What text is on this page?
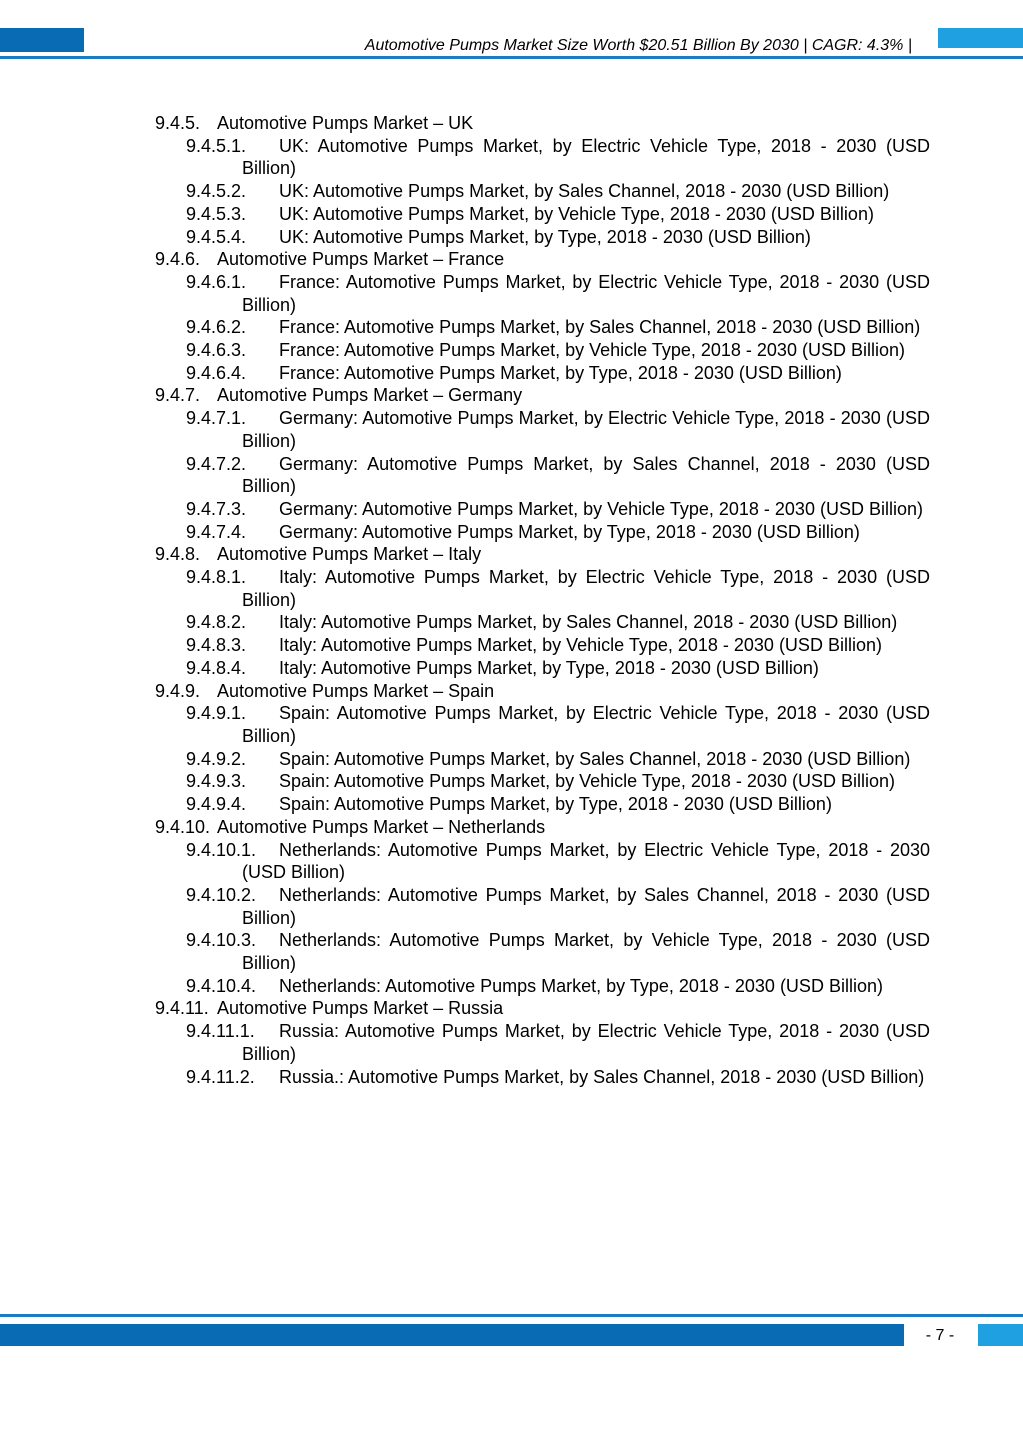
Automotive Pumps Market Size Worth $20.51 Billion By 2030 | CAGR: 4.3% |
9.4.5. Automotive Pumps Market – UK
9.4.5.1.	UK: Automotive Pumps Market, by Electric Vehicle Type, 2018 - 2030 (USD Billion)
9.4.5.2.	UK: Automotive Pumps Market, by Sales Channel, 2018 - 2030 (USD Billion)
9.4.5.3.	UK: Automotive Pumps Market, by Vehicle Type, 2018 - 2030 (USD Billion)
9.4.5.4.	UK: Automotive Pumps Market, by Type, 2018 - 2030 (USD Billion)
9.4.6. Automotive Pumps Market – France
9.4.6.1.	France: Automotive Pumps Market, by Electric Vehicle Type, 2018 - 2030 (USD Billion)
9.4.6.2.	France: Automotive Pumps Market, by Sales Channel, 2018 - 2030 (USD Billion)
9.4.6.3.	France: Automotive Pumps Market, by Vehicle Type, 2018 - 2030 (USD Billion)
9.4.6.4.	France: Automotive Pumps Market, by Type, 2018 - 2030 (USD Billion)
9.4.7. Automotive Pumps Market – Germany
9.4.7.1.	Germany: Automotive Pumps Market, by Electric Vehicle Type, 2018 - 2030 (USD Billion)
9.4.7.2.	Germany: Automotive Pumps Market, by Sales Channel, 2018 - 2030 (USD Billion)
9.4.7.3.	Germany: Automotive Pumps Market, by Vehicle Type, 2018 - 2030 (USD Billion)
9.4.7.4.	Germany: Automotive Pumps Market, by Type, 2018 - 2030 (USD Billion)
9.4.8. Automotive Pumps Market – Italy
9.4.8.1.	Italy: Automotive Pumps Market, by Electric Vehicle Type, 2018 - 2030 (USD Billion)
9.4.8.2.	Italy: Automotive Pumps Market, by Sales Channel, 2018 - 2030 (USD Billion)
9.4.8.3.	Italy: Automotive Pumps Market, by Vehicle Type, 2018 - 2030 (USD Billion)
9.4.8.4.	Italy: Automotive Pumps Market, by Type, 2018 - 2030 (USD Billion)
9.4.9. Automotive Pumps Market – Spain
9.4.9.1.	Spain: Automotive Pumps Market, by Electric Vehicle Type, 2018 - 2030 (USD Billion)
9.4.9.2.	Spain: Automotive Pumps Market, by Sales Channel, 2018 - 2030 (USD Billion)
9.4.9.3.	Spain: Automotive Pumps Market, by Vehicle Type, 2018 - 2030 (USD Billion)
9.4.9.4.	Spain: Automotive Pumps Market, by Type, 2018 - 2030 (USD Billion)
9.4.10. Automotive Pumps Market – Netherlands
9.4.10.1.	Netherlands: Automotive Pumps Market, by Electric Vehicle Type, 2018 - 2030 (USD Billion)
9.4.10.2.	Netherlands: Automotive Pumps Market, by Sales Channel, 2018 - 2030 (USD Billion)
9.4.10.3.	Netherlands: Automotive Pumps Market, by Vehicle Type, 2018 - 2030 (USD Billion)
9.4.10.4.	Netherlands: Automotive Pumps Market, by Type, 2018 - 2030 (USD Billion)
9.4.11. Automotive Pumps Market – Russia
9.4.11.1.	Russia: Automotive Pumps Market, by Electric Vehicle Type, 2018 - 2030 (USD Billion)
9.4.11.2.	Russia.: Automotive Pumps Market, by Sales Channel, 2018 - 2030 (USD Billion)
- 7 -
